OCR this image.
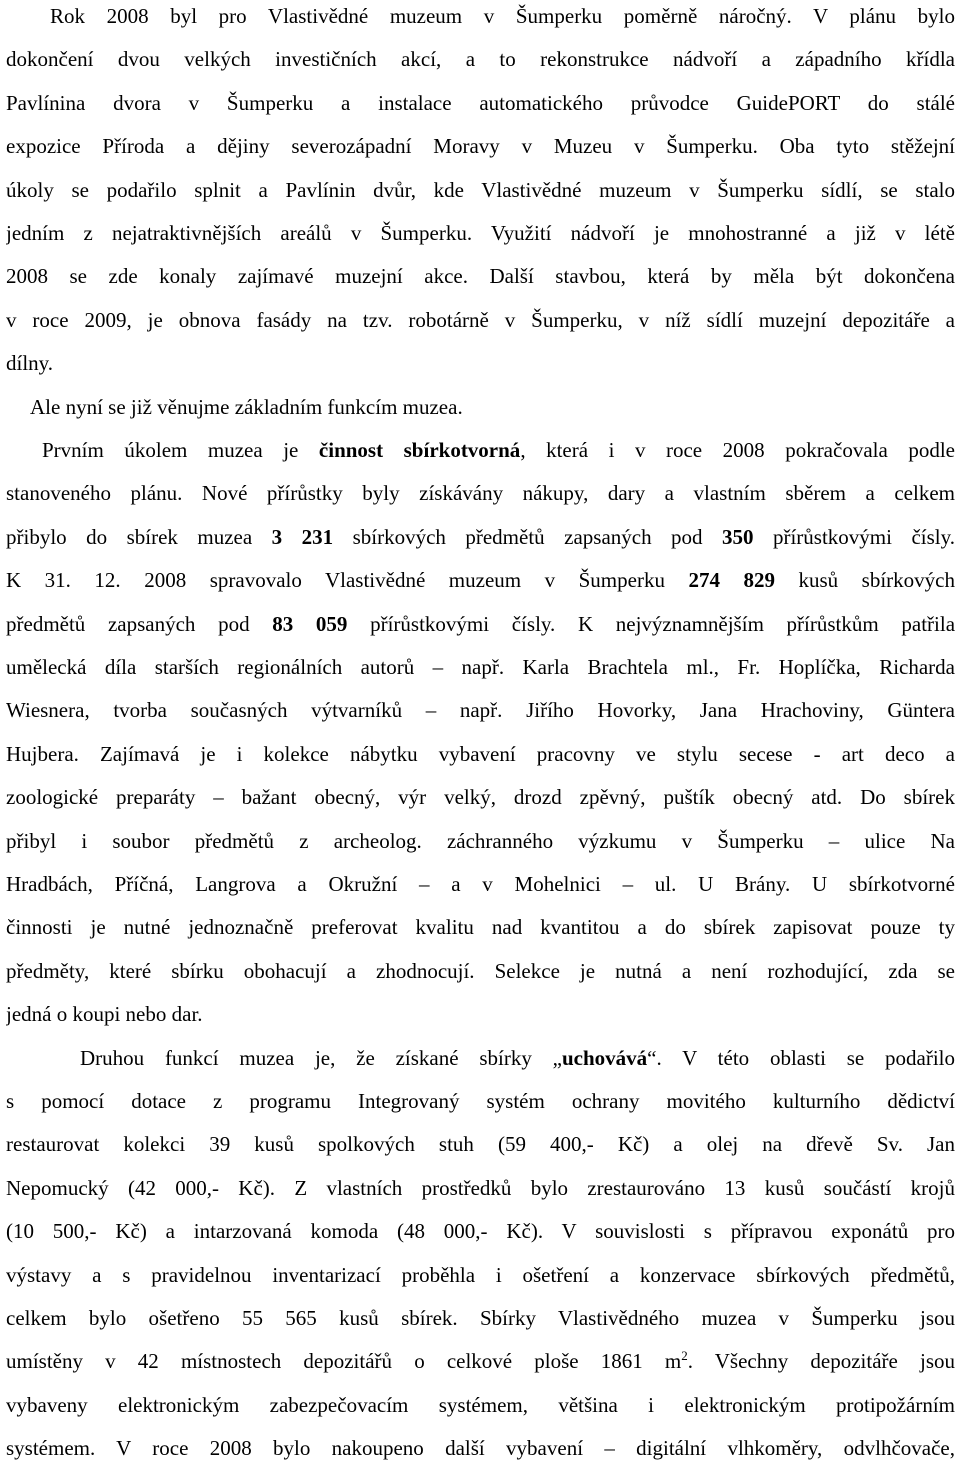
Rok 2008 byl pro Vlastivědné muzeum v Šumperku poměrně náročný. V plánu bylo
dokončení dvou velkých investičních akcí, a to rekonstrukce nádvoří a západního křídla
Pavlínina dvora v Šumperku a instalace automatického průvodce GuidePORT do stálé
expozice Příroda a dějiny severozápadní Moravy v Muzeu v Šumperku. Oba tyto stěžejní
úkoly se podařilo splnit a Pavlínin dvůr, kde Vlastivědné muzeum v Šumperku sídlí, se stalo
jedním z nejatraktivnějších areálů v Šumperku. Využití nádvoří je mnohostranné a již v létě
2008 se zde konaly zajímavé muzejní akce. Další stavbou, která by měla být dokončena
v roce 2009, je obnova fasády na tzv. robotárně v Šumperku, v níž sídlí muzejní depozitáře a
dílny.
Ale nyní se již věnujme základním funkcím muzea.
Prvním úkolem muzea je činnost sbírkotvorná, která i v roce 2008 pokračovala podle
stanoveného plánu. Nové přírůstky byly získávány nákupy, dary a vlastním sběrem a celkem
přibylo do sbírek muzea 3 231 sbírkových předmětů zapsaných pod 350 přírůstkovými čísly.
K 31. 12. 2008 spravovalo Vlastivědné muzeum v Šumperku 274 829 kusů sbírkových
předmětů zapsaných pod 83 059 přírůstkovými čísly. K nejvýznamnějším přírůstkům patřila
umělecká díla starších regionálních autorů – např. Karla Brachtela ml., Fr. Hoplíčka, Richarda
Wiesnera, tvorba současných výtvarníků – např. Jiřího Hovorky, Jana Hrachoviny, Güntera
Hujbera. Zajímavá je i kolekce nábytku vybavení pracovny ve stylu secese - art deco a
zoologické preparáty – bažant obecný, výr velký, drozd zpěvný, puštík obecný atd. Do sbírek
přibyl i soubor předmětů z archeolog. záchranného výzkumu v Šumperku – ulice Na
Hradbách, Příčná, Langrova a Okružní – a v Mohelnici – ul. U Brány. U sbírkotvorné
činnosti je nutné jednoznačně preferovat kvalitu nad kvantitou a do sbírek zapisovat pouze ty
předměty, které sbírku obohacují a zhodnocují. Selekce je nutná a není rozhodující, zda se
jedná o koupi nebo dar.
Druhou funkcí muzea je, že získané sbírky „uchovává“. V této oblasti se podařilo
s pomocí dotace z programu Integrovaný systém ochrany movitého kulturního dědictví
restaurovat kolekci 39 kusů spolkových stuh (59 400,- Kč) a olej na dřevě Sv. Jan
Nepomucký (42 000,- Kč). Z vlastních prostředků bylo zrestaurováno 13 kusů součástí krojů
(10 500,- Kč) a intarzovaná komoda (48 000,- Kč). V souvislosti s přípravou exponátů pro
výstavy a s pravidelnou inventarizací proběhla i ošetření a konzervace sbírkových předmětů,
celkem bylo ošetřeno 55 565 kusů sbírek. Sbírky Vlastivědného muzea v Šumperku jsou
umístěny v 42 místnostech depozitářů o celkové ploše 1861 $m^2$. Všechny depozitáře jsou
vybaveny elektronickým zabezpečovacím systémem, většina i elektronickým protipožárním
systémem. V roce 2008 bylo nakoupeno další vybavení – digitální vlhkoměry, odvlhčovače,
